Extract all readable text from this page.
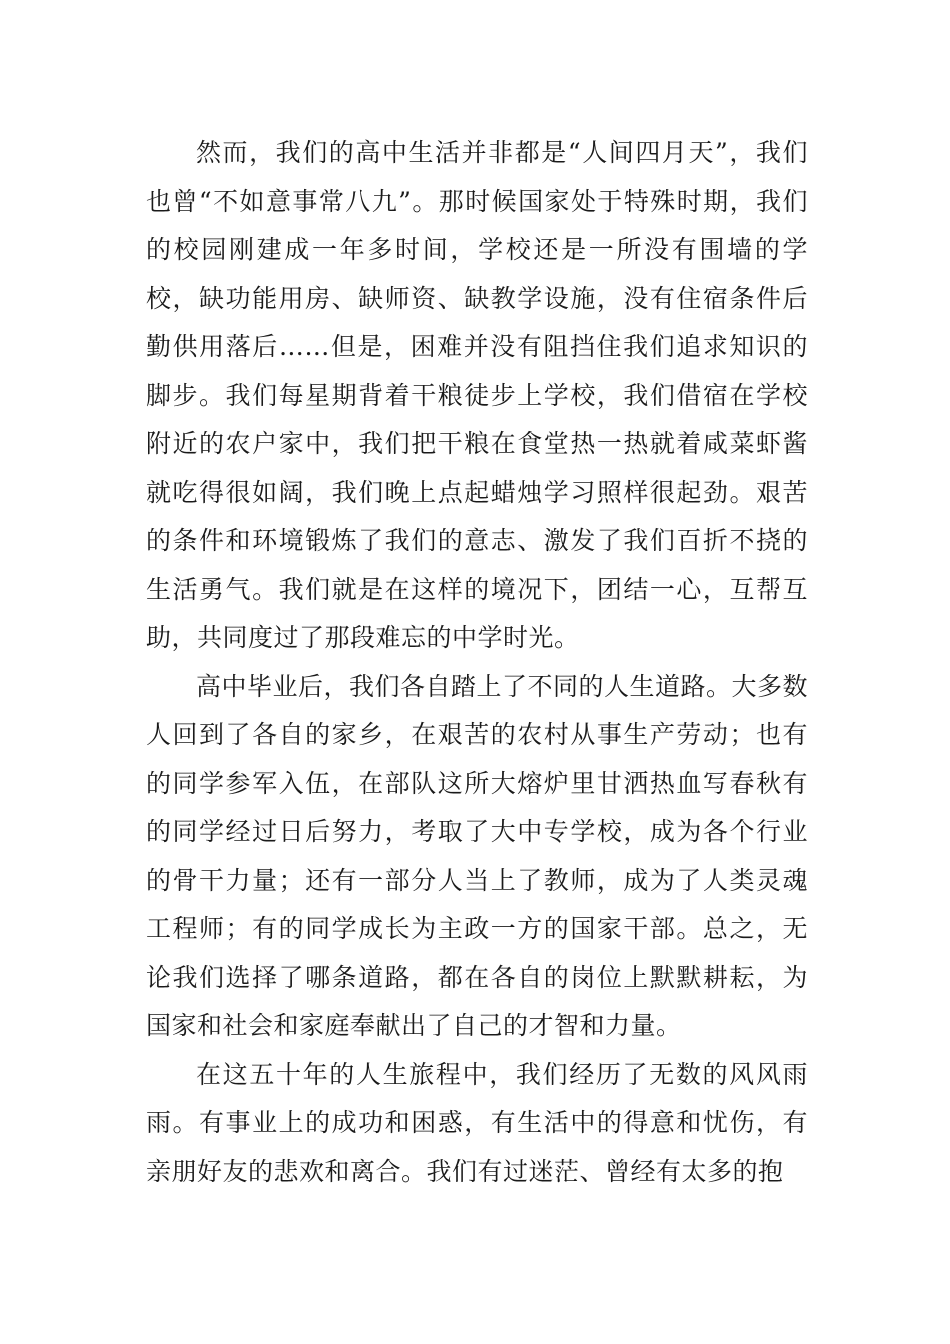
然而，我们的高中生活并非都是“人间四月天”，我们也曾“不如意事常八九”。那时候国家处于特殊时期，我们的校园刚建成一年多时间，学校还是一所没有围墙的学校，缺功能用房、缺师资、缺教学设施，没有住宿条件后勤供用落后……但是，困难并没有阻挡住我们追求知识的脚步。我们每星期背着干粮徒步上学校，我们借宿在学校附近的农户家中，我们把干粮在食堂热一热就着咸菜虾酱就吃得很如阔，我们晚上点起蜡烛学习照样很起劲。艰苦的条件和环境锻炼了我们的意志、激发了我们百折不挠的生活勇气。我们就是在这样的境况下，团结一心，互帮互助，共同度过了那段难忘的中学时光。

高中毕业后，我们各自踏上了不同的人生道路。大多数人回到了各自的家乡，在艰苦的农村从事生产劳动；也有的同学参军入伍，在部队这所大熔炉里甘洒热血写春秋有的同学经过日后努力，考取了大中专学校，成为各个行业的骨干力量；还有一部分人当上了教师，成为了人类灵魂工程师；有的同学成长为主政一方的国家干部。总之，无论我们选择了哪条道路，都在各自的岗位上默默耕耘，为国家和社会和家庭奉献出了自己的才智和力量。

在这五十年的人生旅程中，我们经历了无数的风风雨雨。有事业上的成功和困惑，有生活中的得意和忧伤，有亲朋好友的悲欢和离合。我们有过迷茫、曾经有太多的抱
